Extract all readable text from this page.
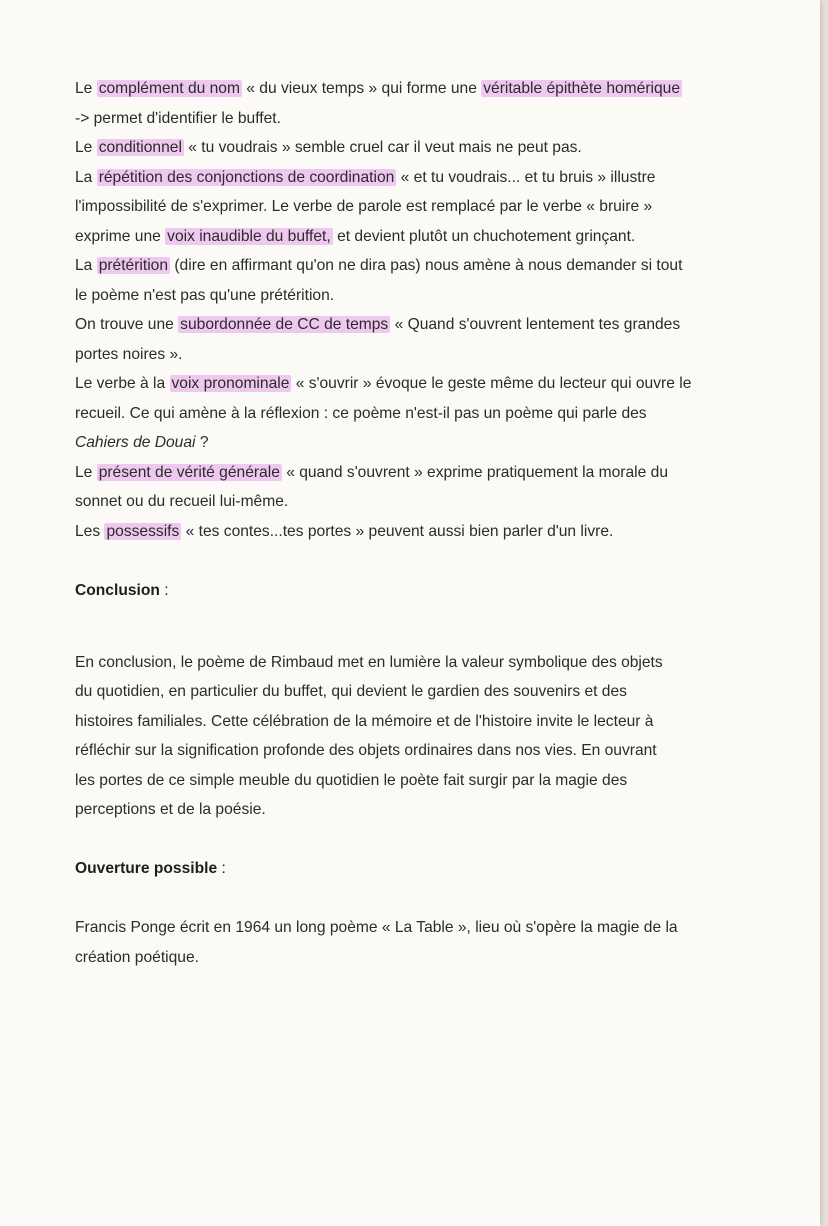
Le complément du nom « du vieux temps » qui forme une véritable épithète homérique
-> permet d'identifier le buffet.
Le conditionnel « tu voudrais » semble cruel car il veut mais ne peut pas.
La répétition des conjonctions de coordination « et tu voudrais... et tu bruis » illustre
l'impossibilité de s'exprimer. Le verbe de parole est remplacé par le verbe « bruire »
exprime une voix inaudible du buffet, et devient plutôt un chuchotement grinçant.
La prétérition (dire en affirmant qu'on ne dira pas) nous amène à nous demander si tout
le poème n'est pas qu'une prétérition.
On trouve une subordonnée de CC de temps « Quand s'ouvrent lentement tes grandes
portes noires ».
Le verbe à la voix pronominale « s'ouvrir » évoque le geste même du lecteur qui ouvre le
recueil. Ce qui amène à la réflexion : ce poème n'est-il pas un poème qui parle des
Cahiers de Douai ?
Le présent de vérité générale « quand s'ouvrent » exprime pratiquement la morale du
sonnet ou du recueil lui-même.
Les possessifs « tes contes...tes portes » peuvent aussi bien parler d'un livre.
Conclusion :
En conclusion, le poème de Rimbaud met en lumière la valeur symbolique des objets
du quotidien, en particulier du buffet, qui devient le gardien des souvenirs et des
histoires familiales. Cette célébration de la mémoire et de l'histoire invite le lecteur à
réfléchir sur la signification profonde des objets ordinaires dans nos vies. En ouvrant
les portes de ce simple meuble du quotidien le poète fait surgir par la magie des
perceptions et de la poésie.
Ouverture possible :
Francis Ponge écrit en 1964 un long poème « La Table », lieu où s'opère la magie de la
création poétique.
